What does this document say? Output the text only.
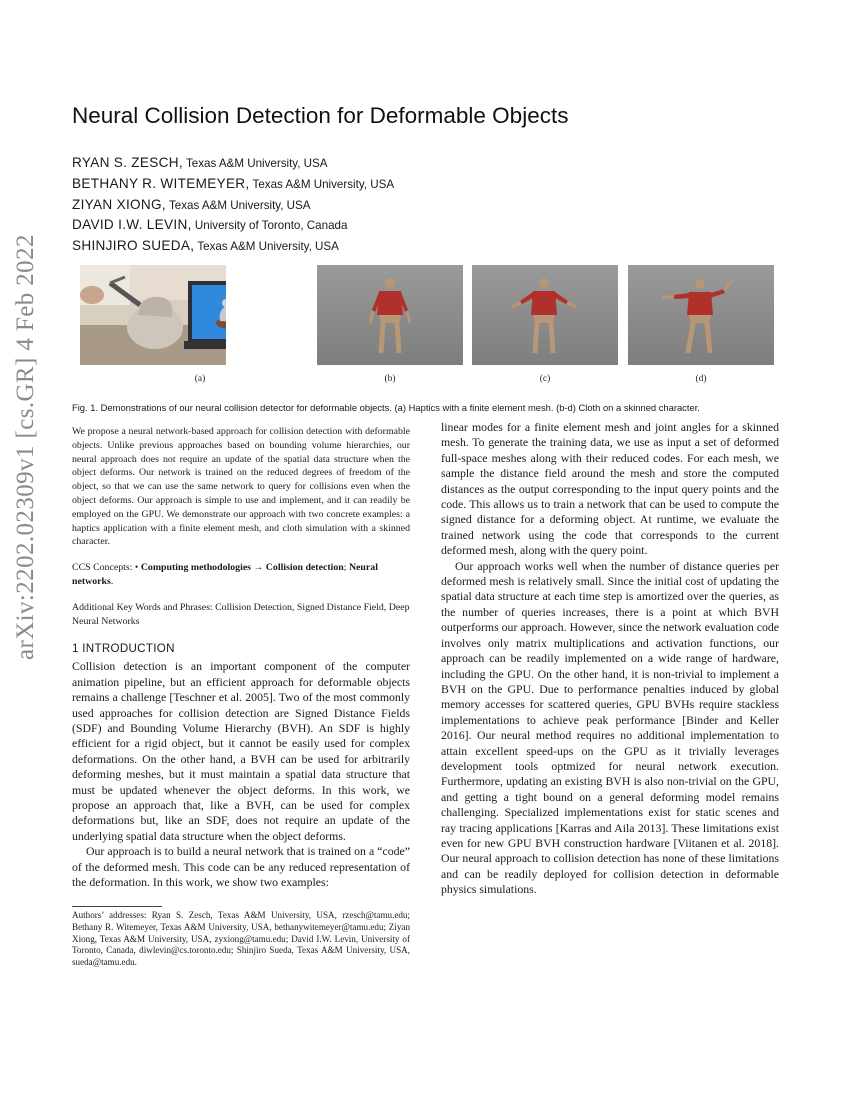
arXiv:2202.02309v1 [cs.GR] 4 Feb 2022
Neural Collision Detection for Deformable Objects
RYAN S. ZESCH, Texas A&M University, USA
BETHANY R. WITEMEYER, Texas A&M University, USA
ZIYAN XIONG, Texas A&M University, USA
DAVID I.W. LEVIN, University of Toronto, Canada
SHINJIRO SUEDA, Texas A&M University, USA
(a)	(b)	(c)	(d)
Fig. 1. Demonstrations of our neural collision detector for deformable objects. (a) Haptics with a finite element mesh. (b-d) Cloth on a skinned character.

We propose a neural network-based approach for collision detection with deformable objects. Unlike previous approaches based on bounding volume hierarchies, our neural approach does not require an update of the spatial data structure when the object deforms. Our network is trained on the reduced degrees of freedom of the object, so that we can use the same network to query for collisions even when the object deforms. Our approach is simple to use and implement, and it can readily be employed on the GPU. We demonstrate our approach with two concrete examples: a haptics application with a finite element mesh, and cloth simulation with a skinned character.

CCS Concepts: • Computing methodologies → Collision detection; Neural networks.

Additional Key Words and Phrases: Collision Detection, Signed Distance Field, Deep Neural Networks

1 INTRODUCTION

Collision detection is an important component of the computer animation pipeline, but an efficient approach for deformable objects remains a challenge [Teschner et al. 2005]. Two of the most commonly used approaches for collision detection are Signed Distance Fields (SDF) and Bounding Volume Hierarchy (BVH). An SDF is highly efficient for a rigid object, but it cannot be easily used for complex deformations. On the other hand, a BVH can be used for arbitrarily deforming meshes, but it must maintain a spatial data structure that must be updated whenever the object deforms. In this work, we propose an approach that, like a BVH, can be used for complex deformations but, like an SDF, does not require an update of the underlying spatial data structure when the object deforms.

Our approach is to build a neural network that is trained on a “code” of the deformed mesh. This code can be any reduced representation of the deformation. In this work, we show two examples:

linear modes for a finite element mesh and joint angles for a skinned mesh. To generate the training data, we use as input a set of deformed full-space meshes along with their reduced codes. For each mesh, we sample the distance field around the mesh and store the computed distances as the output corresponding to the input query points and the code. This allows us to train a network that can be used to compute the signed distance for a deforming object. At runtime, we evaluate the trained network using the code that corresponds to the current deformed mesh, along with the query point.

Our approach works well when the number of distance queries per deformed mesh is relatively small. Since the initial cost of updating the spatial data structure at each time step is amortized over the queries, as the number of queries increases, there is a point at which BVH outperforms our approach. However, since the network evaluation code involves only matrix multiplications and activation functions, our approach can be readily implemented on a wide range of hardware, including the GPU. On the other hand, it is non-trivial to implement a BVH on the GPU. Due to performance penalties induced by global memory accesses for scattered queries, GPU BVHs require stackless implementations to achieve peak performance [Binder and Keller 2016]. Our neural method requires no additional implementation to attain excellent speed-ups on the GPU as it trivially leverages development tools optmized for neural network execution. Furthermore, updating an existing BVH is also non-trivial on the GPU, and getting a tight bound on a general deforming model remains challenging. Specialized implementations exist for static scenes and ray tracing applications [Karras and Aila 2013]. These limitations exist even for new GPU BVH construction hardware [Viitanen et al. 2018]. Our neural approach to collision detection has none of these limitations and can be readily deployed for collision detection in deformable physics simulations.

Authors’ addresses: Ryan S. Zesch, Texas A&M University, USA, rzesch@tamu.edu; Bethany R. Witemeyer, Texas A&M University, USA, bethanywitemeyer@tamu.edu; Ziyan Xiong, Texas A&M University, USA, zyxiong@tamu.edu; David I.W. Levin, University of Toronto, Canada, diwlevin@cs.toronto.edu; Shinjiro Sueda, Texas A&M University, USA, sueda@tamu.edu.
